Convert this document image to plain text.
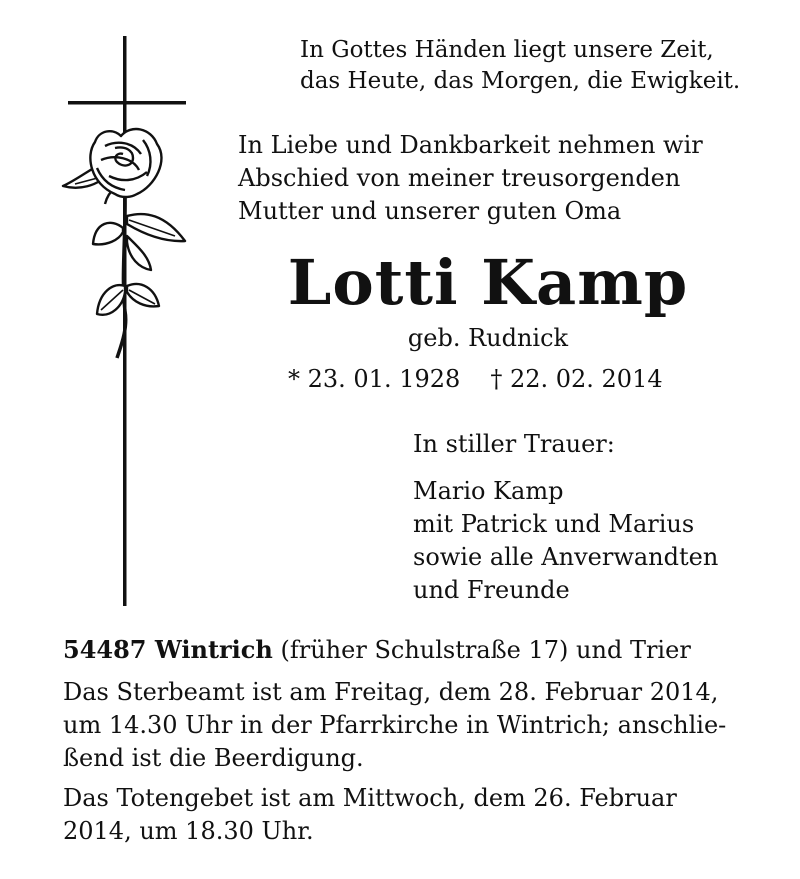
In Gottes Händen liegt unsere Zeit,
das Heute, das Morgen, die Ewigkeit.
In Liebe und Dankbarkeit nehmen wir
Abschied von meiner treusorgenden
Mutter und unserer guten Oma
Lotti Kamp
geb. Rudnick
* 23. 01. 1928 † 22. 02. 2014
In stiller Trauer:
Mario Kamp
mit Patrick und Marius
sowie alle Anverwandten
und Freunde
54487 Wintrich (früher Schulstraße 17) und Trier
Das Sterbeamt ist am Freitag, dem 28. Februar 2014,
um 14.30 Uhr in der Pfarrkirche in Wintrich; anschlie-
ßend ist die Beerdigung.
Das Totengebet ist am Mittwoch, dem 26. Februar
2014, um 18.30 Uhr.
